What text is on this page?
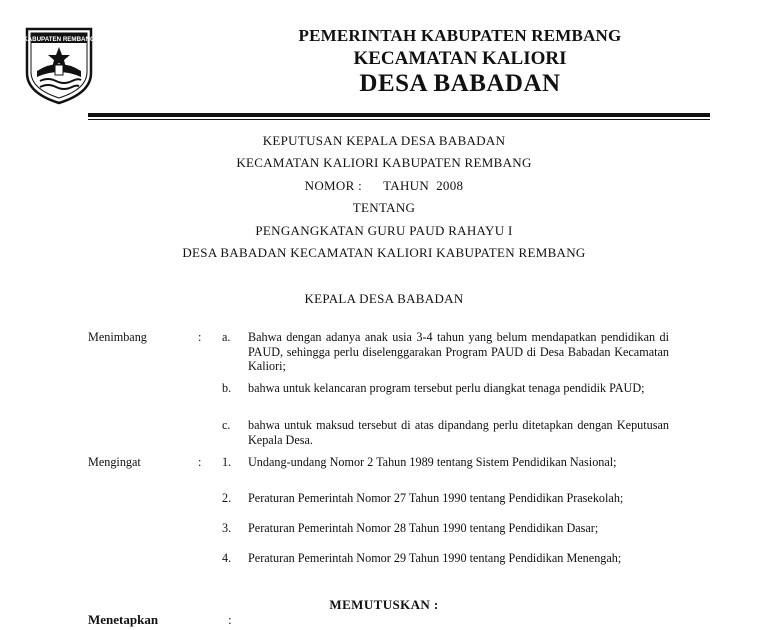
KABUPATEN REMBANG	PEMERINTAH KABUPATEN REMBANG
KECAMATAN KALIORI
DESA BABADAN
KEPUTUSAN KEPALA DESA BABADAN
KECAMATAN KALIORI KABUPATEN REMBANG
NOMOR :      TAHUN  2008
TENTANG
PENGANGKATAN GURU PAUD RAHAYU I
DESA BABADAN KECAMATAN KALIORI KABUPATEN REMBANG
KEPALA DESA BABADAN
Menimbang	: a.	Bahwa dengan adanya anak usia 3-4 tahun yang belum mendapatkan pendidikan di PAUD, sehingga perlu diselenggarakan Program PAUD di Desa Babadan Kecamatan Kaliori;
b.	bahwa untuk kelancaran program tersebut perlu diangkat tenaga pendidik PAUD;
c.	bahwa untuk maksud tersebut di atas dipandang perlu ditetapkan dengan Keputusan Kepala Desa.
Mengingat	: 1.	Undang-undang Nomor 2 Tahun 1989 tentang Sistem Pendidikan Nasional;
2.	Peraturan Pemerintah Nomor 27 Tahun 1990 tentang Pendidikan Prasekolah;
3.	Peraturan Pemerintah Nomor 28 Tahun 1990 tentang Pendidikan Dasar;
4.	Peraturan Pemerintah Nomor 29 Tahun 1990 tentang Pendidikan Menengah;
MEMUTUSKAN :
Menetapkan	:
